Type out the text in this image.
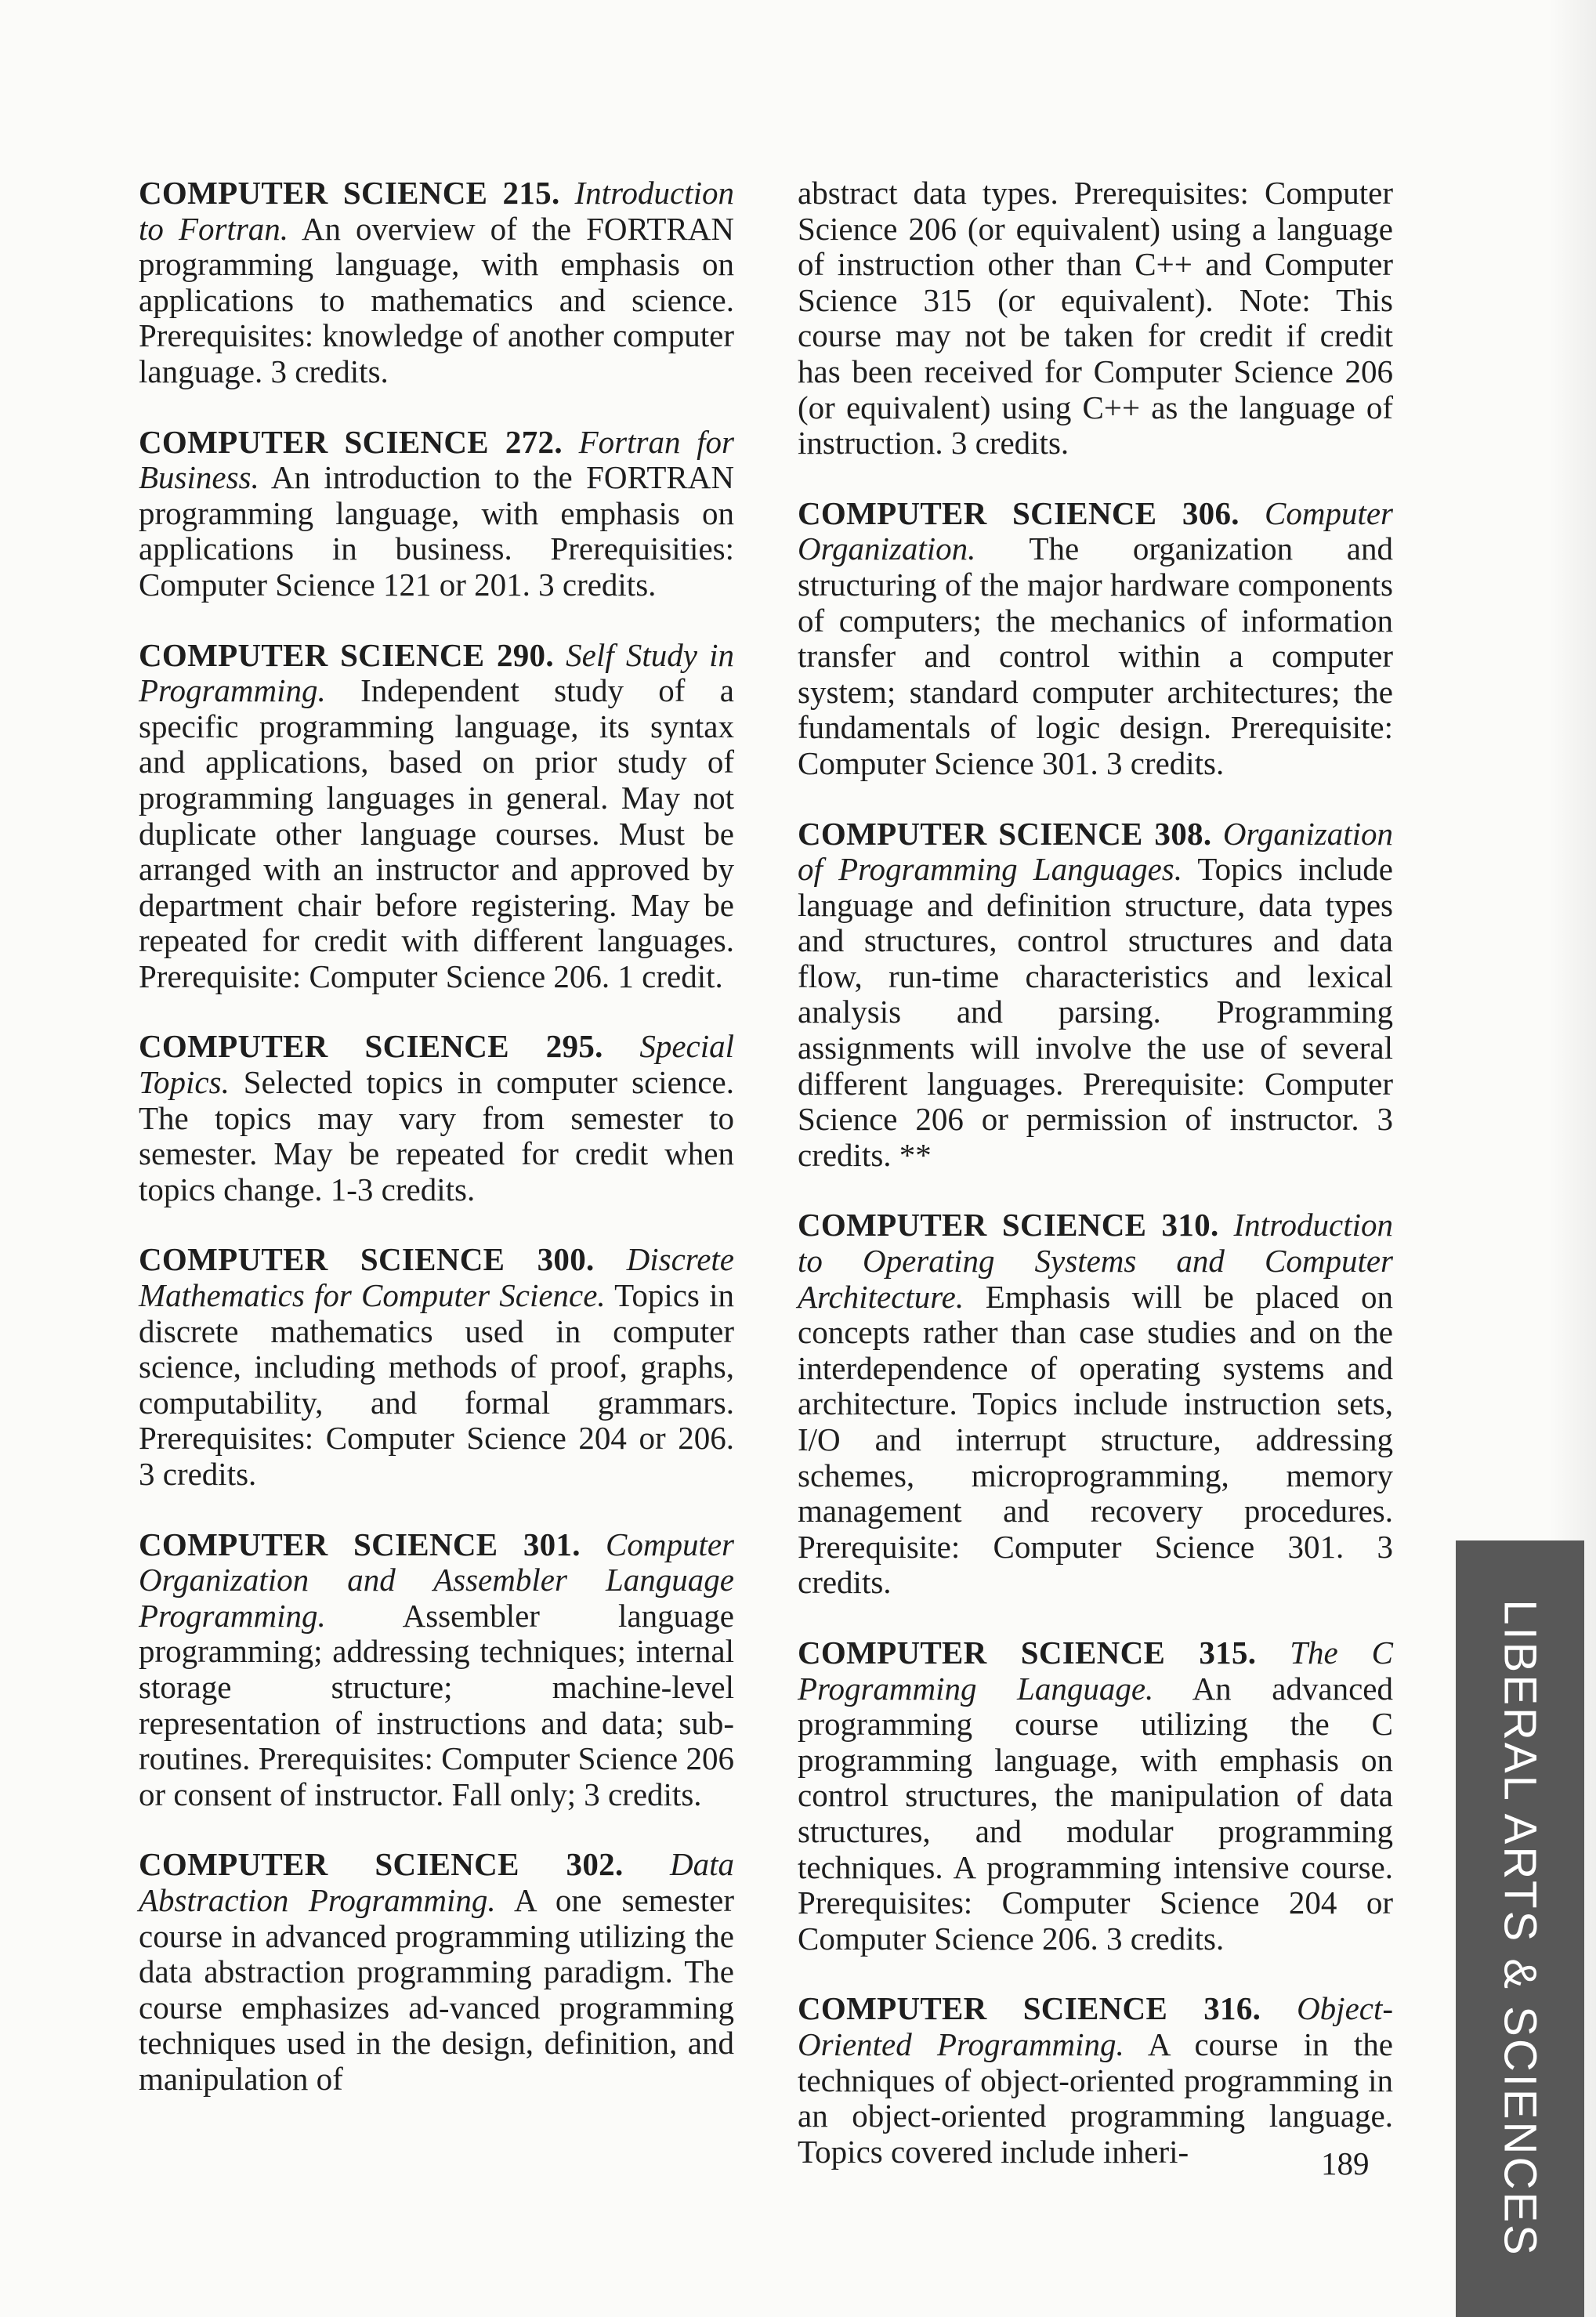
COMPUTER SCIENCE 215. Introduction to Fortran. An overview of the FORTRAN programming language, with emphasis on applications to mathematics and science. Prerequisites: knowledge of another computer language. 3 credits.

COMPUTER SCIENCE 272. Fortran for Business. An introduction to the FORTRAN programming language, with emphasis on applications in business. Prerequisities: Computer Science 121 or 201. 3 credits.

COMPUTER SCIENCE 290. Self Study in Programming. Independent study of a specific programming language, its syntax and applications, based on prior study of programming languages in general. May not duplicate other language courses. Must be arranged with an instructor and approved by department chair before registering. May be repeated for credit with different languages. Prerequisite: Computer Science 206. 1 credit.

COMPUTER SCIENCE 295. Special Topics. Selected topics in computer science. The topics may vary from semester to semester. May be repeated for credit when topics change. 1-3 credits.

COMPUTER SCIENCE 300. Discrete Mathematics for Computer Science. Topics in discrete mathematics used in computer science, including methods of proof, graphs, computability, and formal grammars. Prerequisites: Computer Science 204 or 206. 3 credits.

COMPUTER SCIENCE 301. Computer Organization and Assembler Language Programming. Assembler language programming; addressing techniques; internal storage structure; machine-level representation of instructions and data; sub-routines. Prerequisites: Computer Science 206 or consent of instructor. Fall only; 3 credits.

COMPUTER SCIENCE 302. Data Abstraction Programming. A one semester course in advanced programming utilizing the data abstraction programming paradigm. The course emphasizes ad-vanced programming techniques used in the design, definition, and manipulation of

abstract data types. Prerequisites: Computer Science 206 (or equivalent) using a language of instruction other than C++ and Computer Science 315 (or equivalent). Note: This course may not be taken for credit if credit has been received for Computer Science 206 (or equivalent) using C++ as the language of instruction. 3 credits.

COMPUTER SCIENCE 306. Computer Organization. The organization and structuring of the major hardware components of computers; the mechanics of information transfer and control within a computer system; standard computer architectures; the fundamentals of logic design. Prerequisite: Computer Science 301. 3 credits.

COMPUTER SCIENCE 308. Organization of Programming Languages. Topics include language and definition structure, data types and structures, control structures and data flow, run-time characteristics and lexical analysis and parsing. Programming assignments will involve the use of several different languages. Prerequisite: Computer Science 206 or permission of instructor. 3 credits. **

COMPUTER SCIENCE 310. Introduction to Operating Systems and Computer Architecture. Emphasis will be placed on concepts rather than case studies and on the interdependence of operating systems and architecture. Topics include instruction sets, I/O and interrupt structure, addressing schemes, microprogramming, memory management and recovery procedures. Prerequisite: Computer Science 301. 3 credits.

COMPUTER SCIENCE 315. The C Programming Language. An advanced programming course utilizing the C programming language, with emphasis on control structures, the manipulation of data structures, and modular programming techniques. A programming intensive course. Prerequisites: Computer Science 204 or Computer Science 206. 3 credits.

COMPUTER SCIENCE 316. Object-Oriented Programming. A course in the techniques of object-oriented programming in an object-oriented programming language. Topics covered include inheri-	189	LIBERAL ARTS & SCIENCES
